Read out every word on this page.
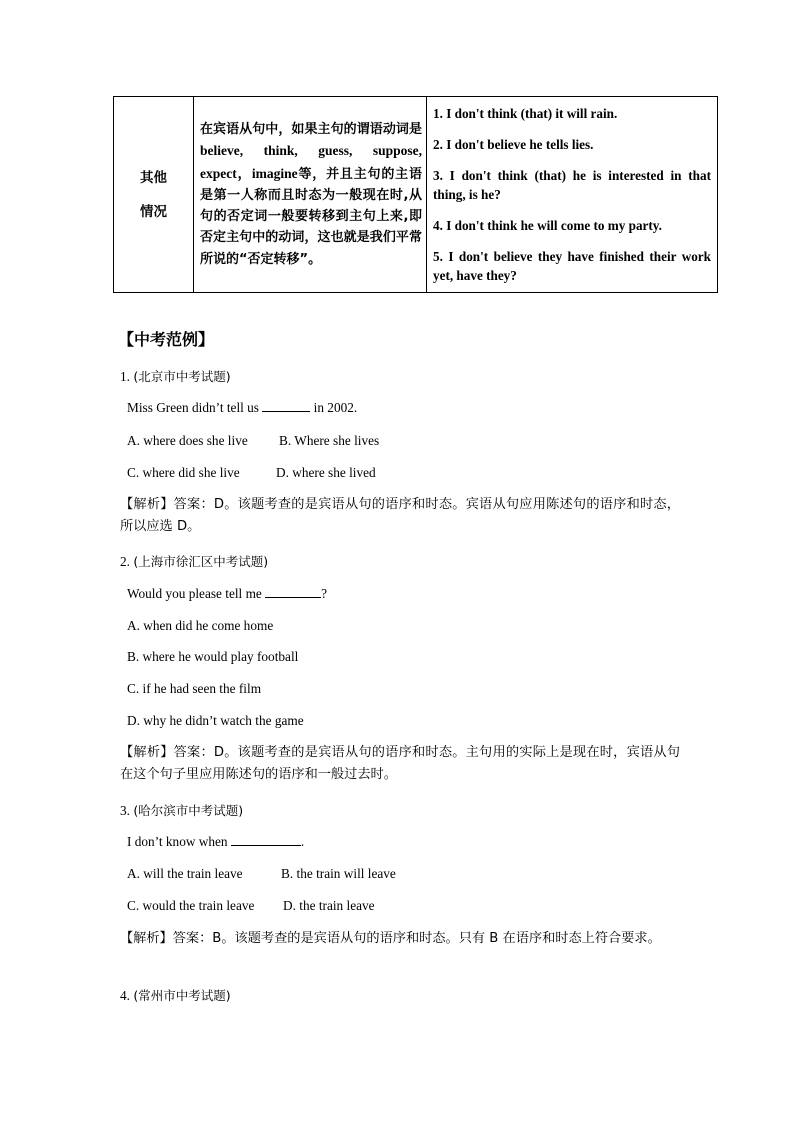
其他
情况
	在宾语从句中，如果主句的谓语动词是believe, think, guess, suppose, expect，imagine等，并且主句的主语是第一人称而且时态为一般现在时,从句的否定词一般要转移到主句上来,即否定主句中的动词，这也就是我们平常所说的“否定转移”。	

1. I don't think (that) it will rain.

2. I don't believe he tells lies.

3. I don't think (that) he is interested in that thing, is he?

4. I don't think he will come to my party.

5. I don't believe they have finished their work yet, have they?

【中考范例】
1. (北京市中考试题)
Miss Green didn’t tell us	in 2002.
A. where does she live B. Where she lives
C. where did she live	D. where she lived
【解析】答案：D。该题考查的是宾语从句的语序和时态。宾语从句应用陈述句的语序和时态，所以应选 D。
2. (上海市徐汇区中考试题)
Would you please tell me	?
A. when did he come home
B. where he would play football
C. if he had seen the film
D. why he didn’t watch the game
【解析】答案：D。该题考查的是宾语从句的语序和时态。主句用的实际上是现在时，宾语从句在这个句子里应用陈述句的语序和一般过去时。
3. (哈尔滨市中考试题)
I don’t know when	.
A. will the train leave	B. the train will leave
C. would the train leave D. the train leave
【解析】答案：B。该题考查的是宾语从句的语序和时态。只有 B 在语序和时态上符合要求。
4. (常州市中考试题)
